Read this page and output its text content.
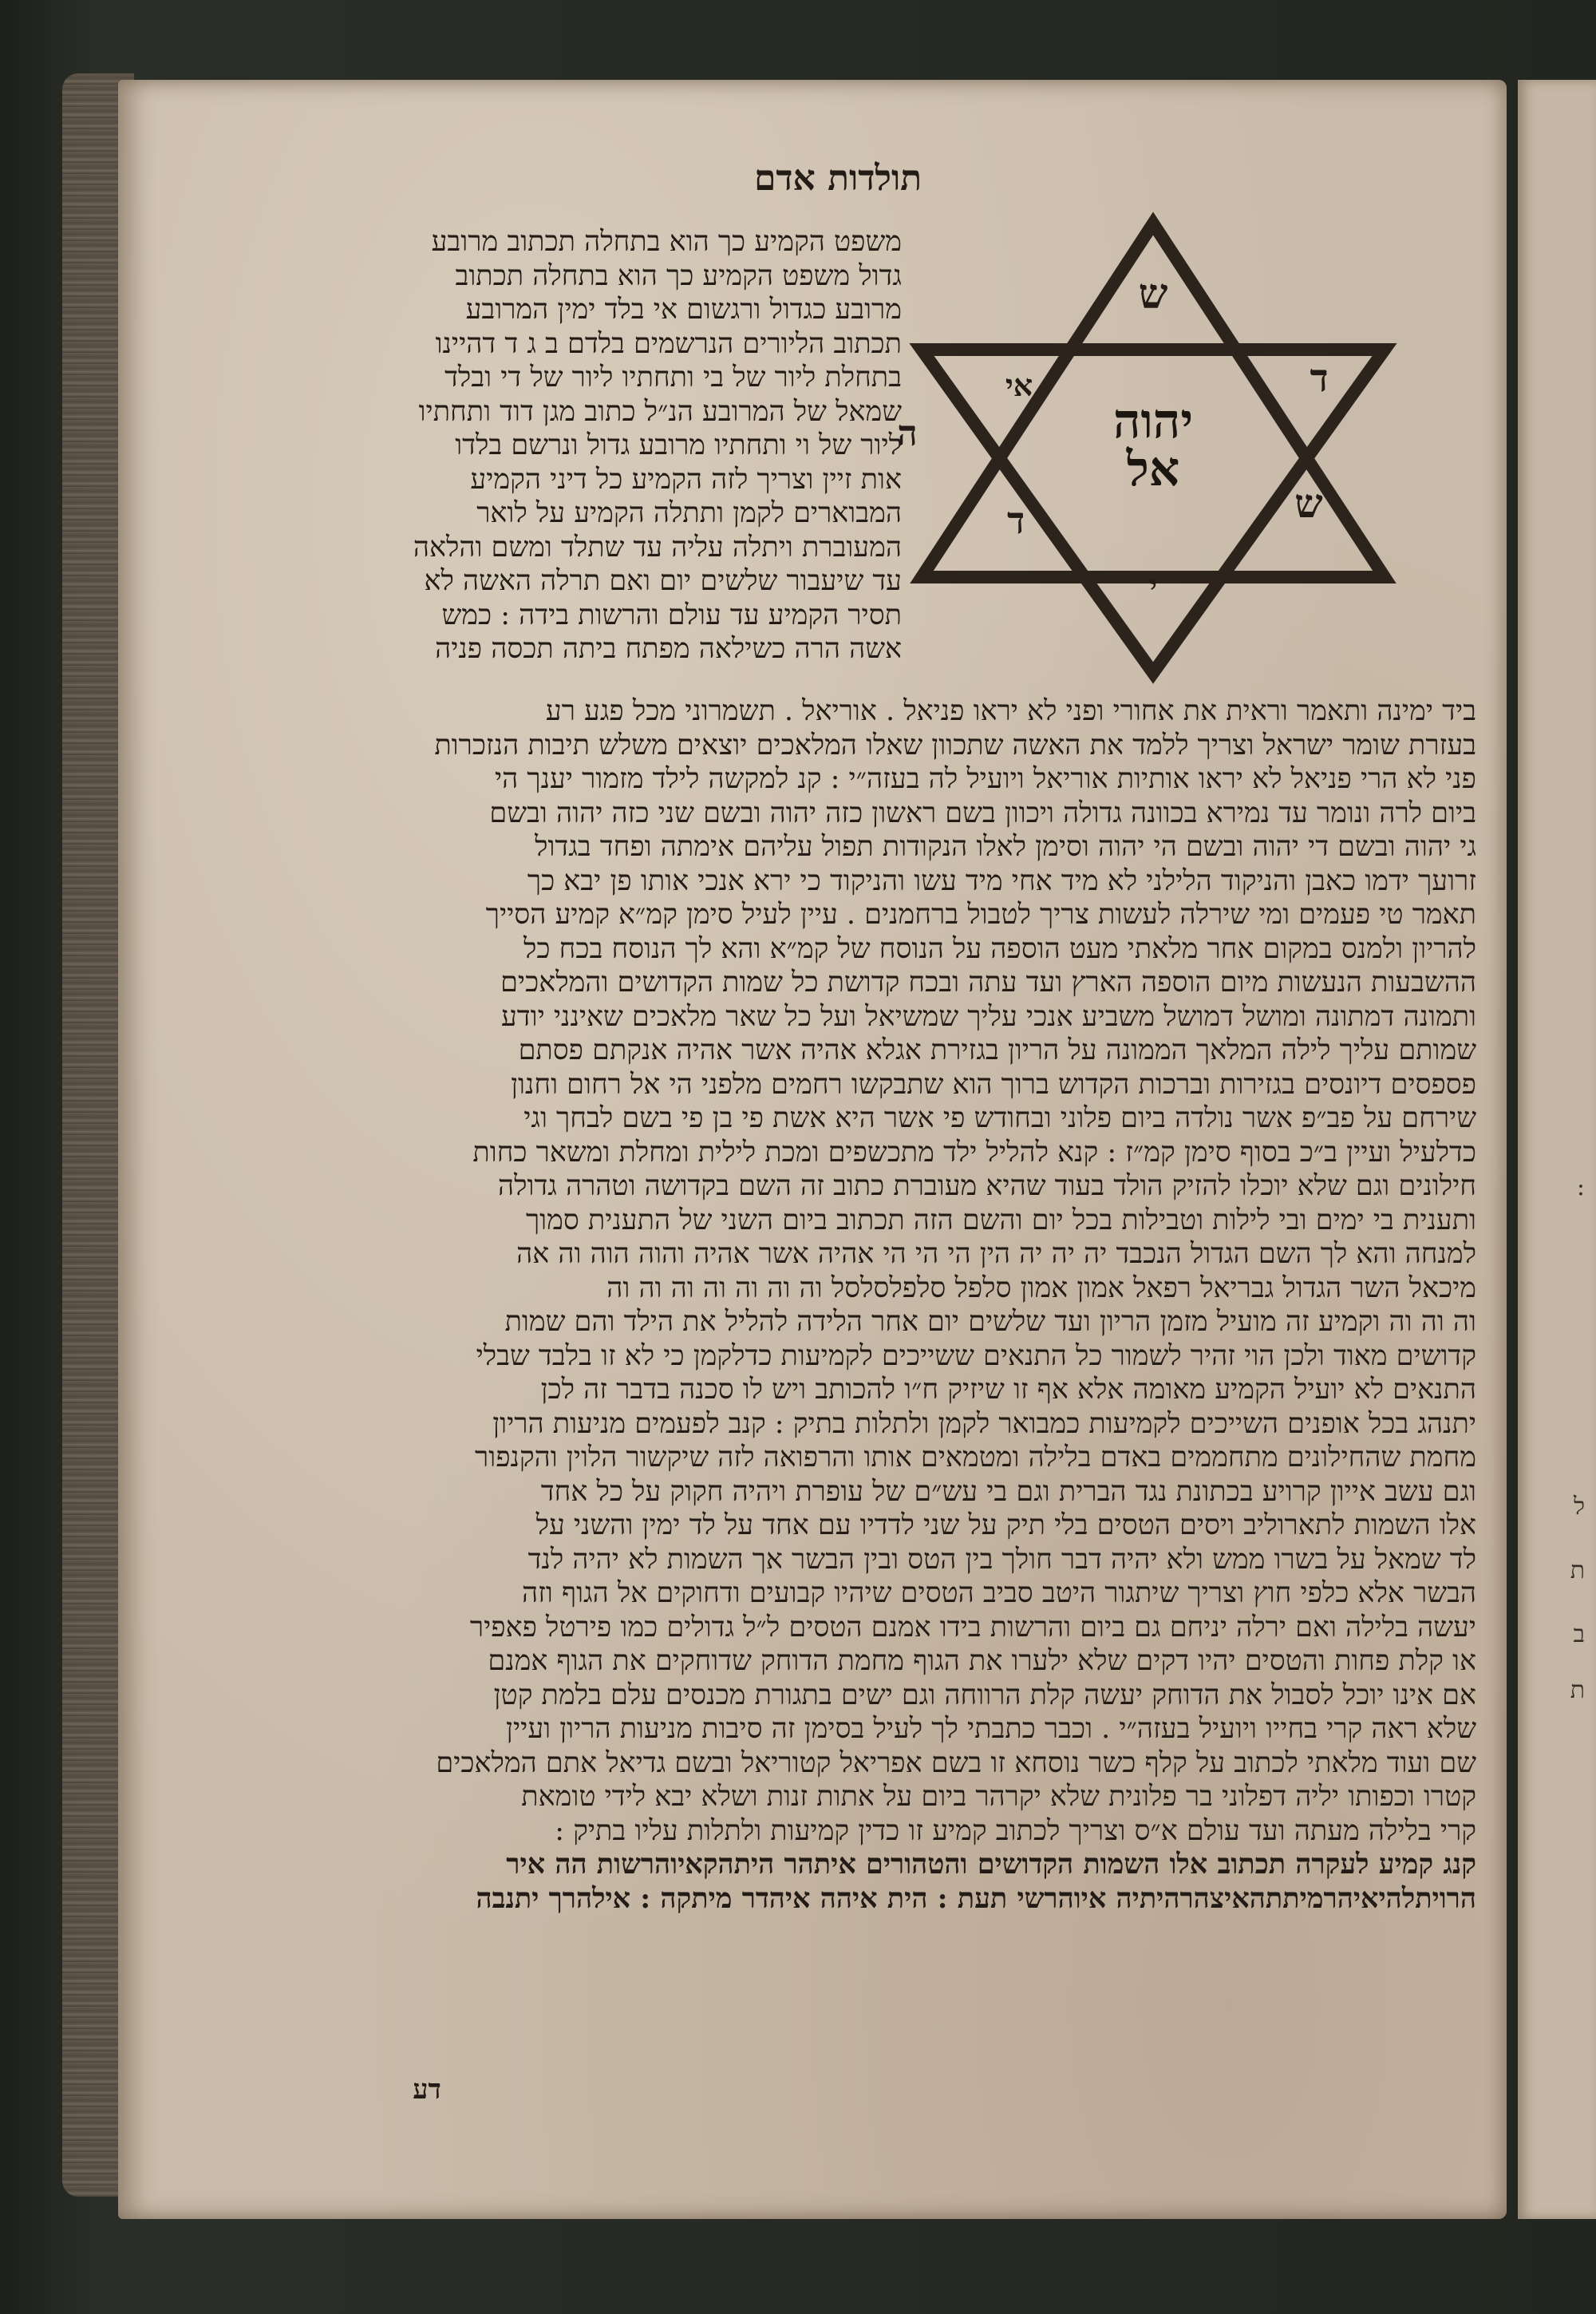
:
ל
ת
ב
ת
תולדות אדם
ש
ד
אי
ה
ד	ש
י
יהוה
אל
משפט הקמיע כך הוא בתחלה תכתוב מרובע
גדול משפט הקמיע כך הוא בתחלה תכתוב
מרובע כגדול ורגשום אי בלד ימין המרובע
תכתוב הליורים הנרשמים בלדם ב ג ד דהיינו
בתחלת ליור של בי ותחתיו ליור של די ובלד
שמאל של המרובע הנ״ל כתוב מגן דוד ותחתיו
ליור של וי ותחתיו מרובע גדול ונרשם בלדו
אות זיין וצריך לזה הקמיע כל דיני הקמיע
המבוארים לקמן ותתלה הקמיע על לואר
המעוברת ויתלה עליה עד שתלד ומשם והלאה
עד שיעבור שלשים יום ואם תרלה האשה לא
תסיר הקמיע עד עולם והרשות בידה : כמש
אשה הרה כשילאה מפתח ביתה תכסה פניה
ביד ימינה ותאמר וראית את אחורי ופני לא יראו פניאל . אוריאל . תשמרוני מכל פגע רע
בעזרת שומר ישראל וצריך ללמד את האשה שתכוון שאלו המלאכים יוצאים משלש תיבות הנזכרות
פני לא הרי פניאל לא יראו אותיות אוריאל ויועיל לה בעזה״י : קנ למקשה לילד מזמור יענך הי
ביום לרה ונומר עד נמירא בכוונה גדולה ויכוון בשם ראשון כזה יהוה ובשם שני כזה יהוה ובשם
גי יהוה ובשם די יהוה ובשם הי יהוה וסימן לאלו הנקודות תפול עליהם אימתה ופחד בגדול
זרועך ידמו כאבן והניקוד הלילני לא מיד אחי מיד עשו והניקוד כי ירא אנכי אותו פן יבא כך
תאמר טי פעמים ומי שירלה לעשות צריך לטבול ברחמנים . עיין לעיל סימן קמ״א קמיע הסייך
להריון ולמנס במקום אחר מלאתי מעט הוספה על הנוסח של קמ״א והא לך הנוסח בכח כל
ההשבעות הנעשות מיום הוספה הארץ ועד עתה ובכח קדושת כל שמות הקדושים והמלאכים
ותמונה דמתונה ומושל דמושל משביע אנכי עליך שמשיאל ועל כל שאר מלאכים שאינני יודע
שמותם עליך לילה המלאך הממונה על הריון בגזירת אגלא אהיה אשר אהיה אנקתם פסתם
פספסים דיונסים בגזירות וברכות הקדוש ברוך הוא שתבקשו רחמים מלפני הי אל רחום וחנון
שירחם על פב״פ אשר נולדה ביום פלוני ובחודש פי אשר היא אשת פי בן פי בשם לבחך וגי
כדלעיל ועיין ב״כ בסוף סימן קמ״ז : קנא להליל ילד מתכשפים ומכת לילית ומחלת ומשאר כחות
חילונים וגם שלא יוכלו להזיק הולד בעוד שהיא מעוברת כתוב זה השם בקדושה וטהרה גדולה
ותענית בי ימים ובי לילות וטבילות בכל יום והשם הזה תכתוב ביום השני של התענית סמוך
למנחה והא לך השם הגדול הנכבד יה יה יה הין הי הי הי אהיה אשר אהיה והוה הוה וה אה
מיכאל השר הגדול גבריאל רפאל אמון אמון סלפל סלפלסלסל וה וה וה וה וה וה וה
וה וה וה וקמיע זה מועיל מזמן הריון ועד שלשים יום אחר הלידה להליל את הילד והם שמות
קדושים מאוד ולכן הוי זהיר לשמור כל התנאים ששייכים לקמיעות כדלקמן כי לא זו בלבד שבלי
התנאים לא יועיל הקמיע מאומה אלא אף זו שיזיק ח״ו להכותב ויש לו סכנה בדבר זה לכן
יתנהג בכל אופנים השייכים לקמיעות כמבואר לקמן ולתלות בתיק : קנב לפעמים מניעות הריון
מחמת שהחילונים מתחממים באדם בלילה ומטמאים אותו והרפואה לזה שיקשור הלוין והקנפור
וגם עשב אייון קרויע בכתונת נגד הברית וגם בי עש״ם של עופרת ויהיה חקוק על כל אחד
אלו השמות לתארוליב ויסים הטסים בלי תיק על שני לדדיו עם אחד על לד ימין והשני על
לד שמאל על בשרו ממש ולא יהיה דבר חולך בין הטס ובין הבשר אך השמות לא יהיה לנד
הבשר אלא כלפי חוץ וצריך שיתגור היטב סביב הטסים שיהיו קבועים ודחוקים אל הגוף וזה
יעשה בלילה ואם ירלה יניחם גם ביום והרשות בידו אמנם הטסים ל״ל גדולים כמו פירטל פאפיר
או קלת פחות והטסים יהיו דקים שלא ילערו את הגוף מחמת הדוחק שדוחקים את הגוף אמנם
אם אינו יוכל לסבול את הדוחק יעשה קלת הרווחה וגם ישים בתגורת מכנסים עלם בלמת קטן
שלא ראה קרי בחייו ויועיל בעזה״י . וכבר כתבתי לך לעיל בסימן זה סיבות מניעות הריון ועיין
שם ועוד מלאתי לכתוב על קלף כשר נוסחא זו בשם אפריאל קטוריאל ובשם גדיאל אתם המלאכים
קטרו וכפותו יליה דפלוני בר פלונית שלא יקרהר ביום על אתות זנות ושלא יבא לידי טומאת
קרי בלילה מעתה ועד עולם א״ס וצריך לכתוב קמיע זו כדין קמיעות ולתלות עליו בתיק :
קנג קמיע לעקרה תכתוב אלו השמות הקדושים והטהורים איתהר היתהקאיוהרשות הה איר
הרויתלהיאיהרמיתתהאיצהרהיתיה איוהרשי תעת : הית איהה איהדר מיתקה : אילהרך יתנבה
דע
